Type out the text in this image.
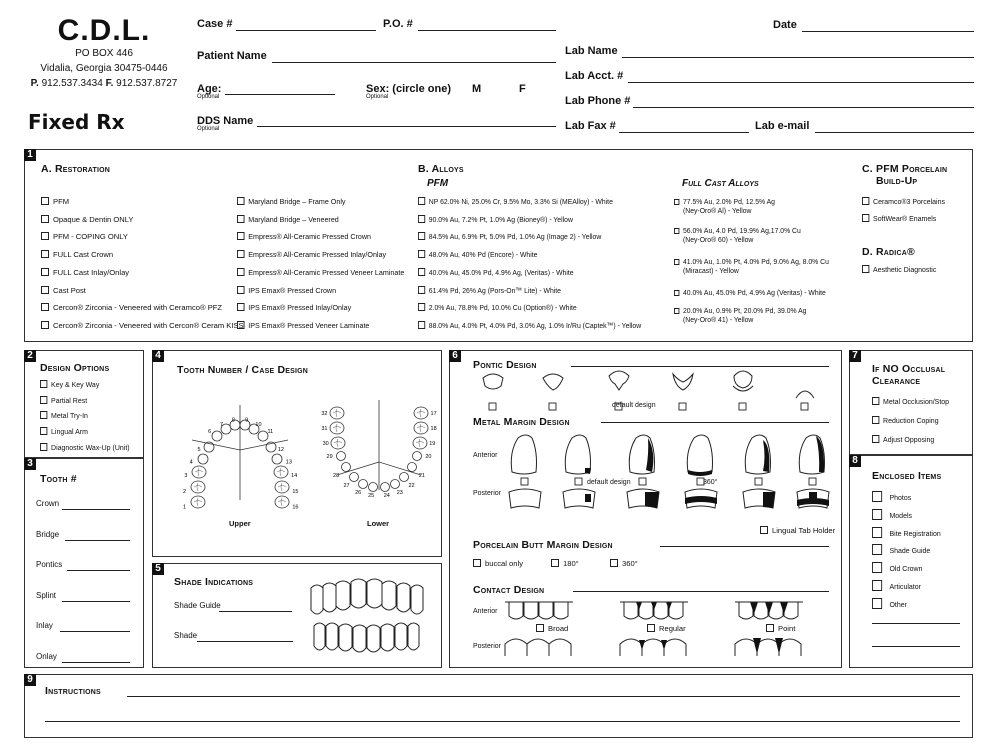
C.D.L.
PO BOX 446
Vidalia, Georgia 30475-0446
P. 912.537.3434 F. 912.537.8727
Fixed Rx
Case #	P.O. #	Date
Patient Name
Age:
Optional
Sex: (circle one)
Optional
M	F
DDS Name
Optional
Lab Name
Lab Acct. #
Lab Phone #
Lab Fax #	Lab e-mail
1
A. Restoration	B. Alloys
PFM	Full Cast Alloys
C. PFM Porcelain
Build-Up
D. Radica®
2
Design Options
3
Tooth #
4
Tooth Number / Case Design
1
2
3
4
5
6
7
8 9
10
11
12
13
14
15
16
17
18
19
20
21
22
23
24
25
26
27
28
29
30
31
32
Upper	Lower
5
Shade Indications
Shade Guide
Shade
6
Pontic Design
default design
Metal Margin Design
Anterior
Posterior
default design	360°
Lingual Tab Holder
Porcelain Butt Margin Design
buccal only	180°	360°
Contact Design
Anterior
Posterior
Broad	Regular	Point
7
If NO Occlusal
Clearance
8
Enclosed Items
9
Instructions
PFM
Opaque & Dentin ONLY
PFM - COPING ONLY
FULL Cast Crown
FULL Cast Inlay/Onlay
Cast Post
Cercon® Zirconia - Veneered with Ceramco® PFZ
Cercon® Zirconia - Veneered with Cercon® Ceram KISS
Maryland Bridge – Frame Only
Maryland Bridge – Veneered
Empress® All-Ceramic Pressed Crown
Empress® All-Ceramic Pressed Inlay/Onlay
Empress® All-Ceramic Pressed Veneer Laminate
IPS Emax® Pressed Crown
IPS Emax® Pressed Inlay/Onlay
IPS Emax® Pressed Veneer Laminate
NP 62.0% Ni, 25.0% Cr, 9.5% Mo, 3.3% Si (MEAlloy) - White
90.0% Au, 7.2% Pt, 1.0% Ag (Bioney®) - Yellow
84.5% Au, 6.9% Pt, 5.0% Pd, 1.0% Ag (Image 2) - Yellow
48.0% Au, 40% Pd (Encore) - White
40.0% Au, 45.0% Pd, 4.9% Ag, (Veritas) - White
61.4% Pd, 26% Ag (Pors-On™ Lite) - White
2.0% Au, 78.8% Pd, 10.0% Cu (Option®) - White
88.0% Au, 4.0% Pt, 4.0% Pd, 3.0% Ag, 1.0% Ir/Ru (Captek™) - Yellow
77.5% Au, 2.0% Pd, 12.5% Ag
(Ney-Oro® Al) - Yellow
56.0% Au, 4.0 Pd, 19.9% Ag,17.0% Cu
(Ney-Oro® 60) - Yellow
41.0% Au, 1.0% Pt, 4.0% Pd, 9.0% Ag, 8.0% Cu
(Miracast) - Yellow
40.0% Au, 45.0% Pd, 4.9% Ag (Veritas) - White
20.0% Au, 0.9% Pt, 20.0% Pd, 39.0% Ag
(Ney-Oro® 41) - Yellow
Ceramco®3 Porcelains
SoftWear® Enamels
Aesthetic Diagnostic
Key & Key Way
Partial Rest
Metal Try-In
Lingual Arm
Diagnostic Wax-Up (Unit)
Crown
Bridge
Pontics
Splint
Inlay
Onlay
Metal Occlusion/Stop
Reduction Coping
Adjust Opposing
Photos
Models
Bite Registration
Shade Guide
Old Crown
Articulator
Other
